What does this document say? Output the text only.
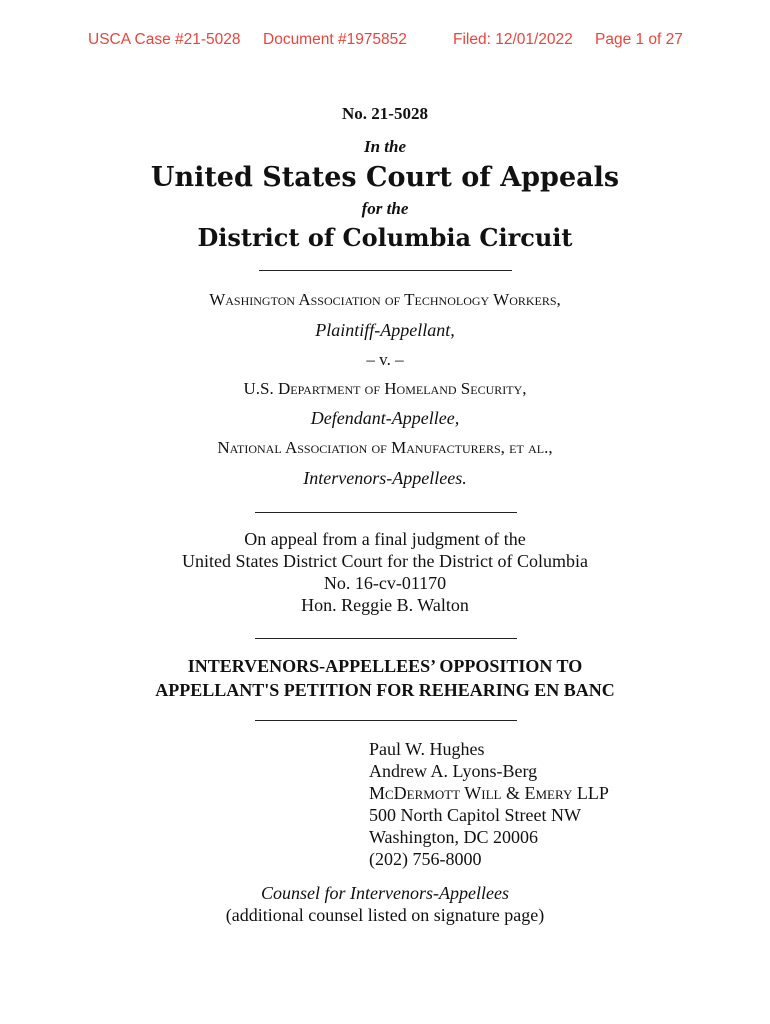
USCA Case #21-5028 Document #1975852	Filed: 12/01/2022 Page 1 of 27
No. 21-5028
In the
United States Court of Appeals
for the
District of Columbia Circuit
Washington Association of Technology Workers,
Plaintiff-Appellant,
– v. –
U.S. Department of Homeland Security,
Defendant-Appellee,
National Association of Manufacturers, et al.,
Intervenors-Appellees.
On appeal from a final judgment of the
United States District Court for the District of Columbia
No. 16-cv-01170
Hon. Reggie B. Walton
INTERVENORS-APPELLEES’ OPPOSITION TO
APPELLANT'S PETITION FOR REHEARING EN BANC
Paul W. Hughes
Andrew A. Lyons-Berg
McDermott Will & Emery LLP
500 North Capitol Street NW
Washington, DC 20006
(202) 756-8000
Counsel for Intervenors-Appellees
(additional counsel listed on signature page)
